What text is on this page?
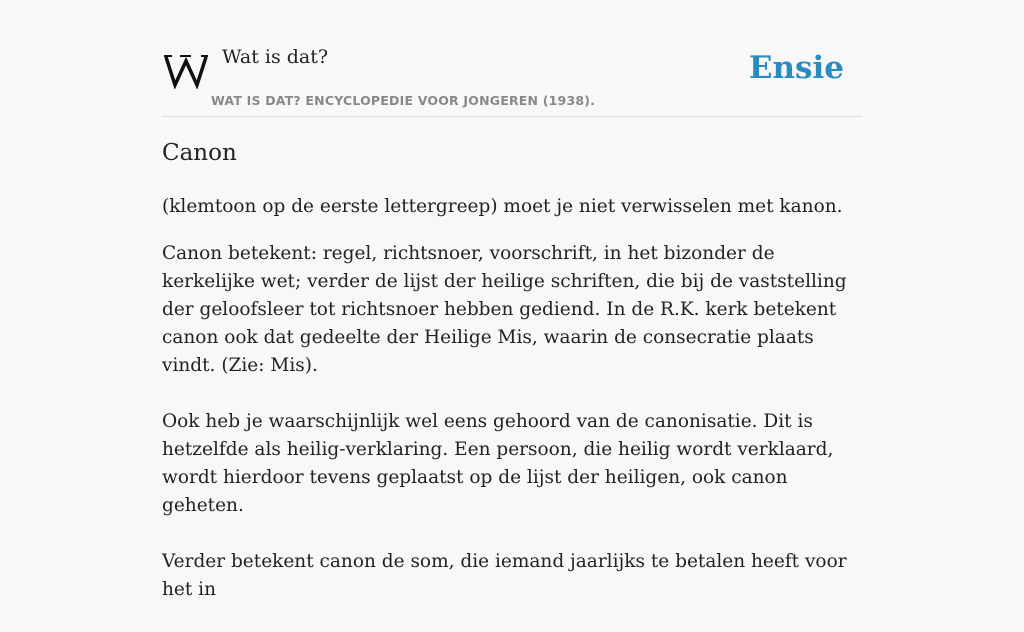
Wat is dat?
WAT IS DAT? ENCYCLOPEDIE VOOR JONGEREN (1938).
Ensie
Canon

(klemtoon op de eerste lettergreep) moet je niet verwisselen met kanon.

Canon betekent: regel, richtsnoer, voorschrift, in het bizonder de kerkelijke wet; verder de lijst der heilige schriften, die bij de vaststelling der geloofsleer tot richtsnoer hebben gediend. In de R.K. kerk betekent canon ook dat gedeelte der Heilige Mis, waarin de consecratie plaats vindt. (Zie: Mis).

Ook heb je waarschijnlijk wel eens gehoord van de canonisatie. Dit is hetzelfde als heilig-verklaring. Een persoon, die heilig wordt verklaard, wordt hierdoor tevens geplaatst op de lijst der heiligen, ook canon geheten.

Verder betekent canon de som, die iemand jaarlijks te betalen heeft voor het in
